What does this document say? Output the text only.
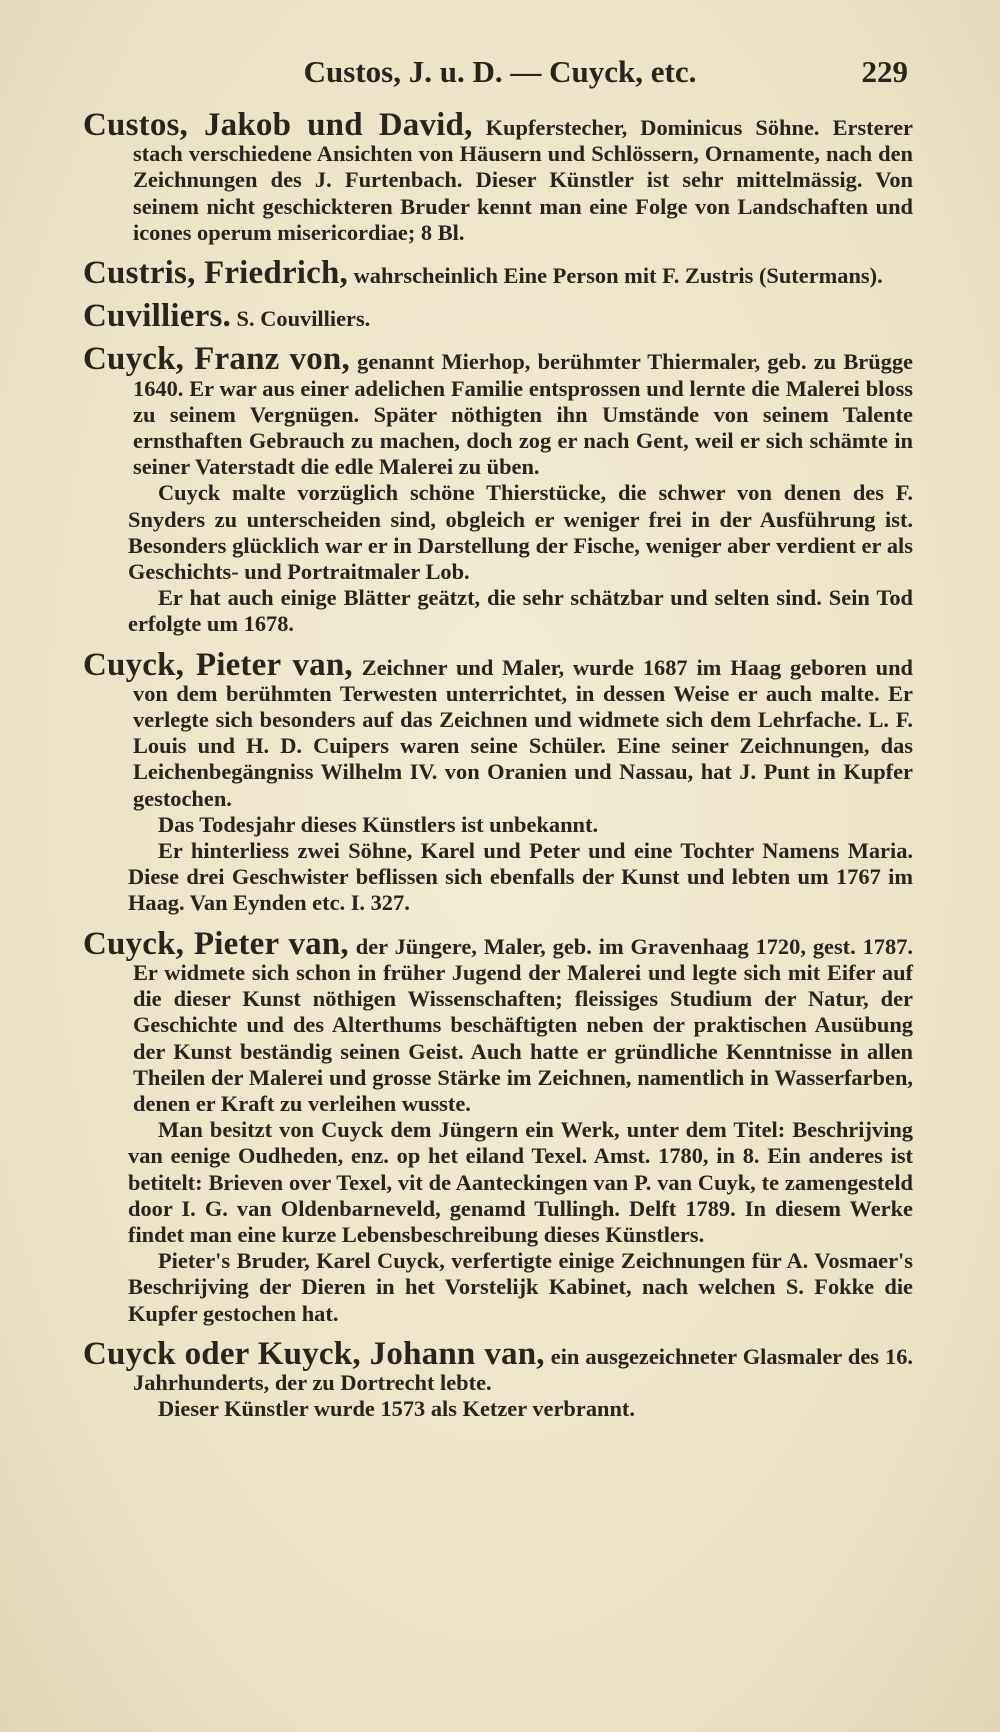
Custos, J. u. D. — Cuyck, etc.	229

Custos, Jakob und David, Kupferstecher, Dominicus Söhne. Ersterer stach verschiedene Ansichten von Häusern und Schlössern, Ornamente, nach den Zeichnungen des J. Furtenbach. Dieser Künstler ist sehr mittelmässig. Von seinem nicht geschickteren Bruder kennt man eine Folge von Landschaften und icones operum misericordiae; 8 Bl.

Custris, Friedrich, wahrscheinlich Eine Person mit F. Zustris (Sutermans).

Cuvilliers. S. Couvilliers.

Cuyck, Franz von, genannt Mierhop, berühmter Thiermaler, geb. zu Brügge 1640. Er war aus einer adelichen Familie entsprossen und lernte die Malerei bloss zu seinem Vergnügen. Später nöthigten ihn Umstände von seinem Talente ernsthaften Gebrauch zu machen, doch zog er nach Gent, weil er sich schämte in seiner Vaterstadt die edle Malerei zu üben.

Cuyck malte vorzüglich schöne Thierstücke, die schwer von denen des F. Snyders zu unterscheiden sind, obgleich er weniger frei in der Ausführung ist. Besonders glücklich war er in Darstellung der Fische, weniger aber verdient er als Geschichts- und Portraitmaler Lob.

Er hat auch einige Blätter geätzt, die sehr schätzbar und selten sind. Sein Tod erfolgte um 1678.

Cuyck, Pieter van, Zeichner und Maler, wurde 1687 im Haag geboren und von dem berühmten Terwesten unterrichtet, in dessen Weise er auch malte. Er verlegte sich besonders auf das Zeichnen und widmete sich dem Lehrfache. L. F. Louis und H. D. Cuipers waren seine Schüler. Eine seiner Zeichnungen, das Leichenbegängniss Wilhelm IV. von Oranien und Nassau, hat J. Punt in Kupfer gestochen.

Das Todesjahr dieses Künstlers ist unbekannt.

Er hinterliess zwei Söhne, Karel und Peter und eine Tochter Namens Maria. Diese drei Geschwister beflissen sich ebenfalls der Kunst und lebten um 1767 im Haag. Van Eynden etc. I. 327.

Cuyck, Pieter van, der Jüngere, Maler, geb. im Gravenhaag 1720, gest. 1787. Er widmete sich schon in früher Jugend der Malerei und legte sich mit Eifer auf die dieser Kunst nöthigen Wissenschaften; fleissiges Studium der Natur, der Geschichte und des Alterthums beschäftigten neben der praktischen Ausübung der Kunst beständig seinen Geist. Auch hatte er gründliche Kenntnisse in allen Theilen der Malerei und grosse Stärke im Zeichnen, namentlich in Wasserfarben, denen er Kraft zu verleihen wusste.

Man besitzt von Cuyck dem Jüngern ein Werk, unter dem Titel: Beschrijving van eenige Oudheden, enz. op het eiland Texel. Amst. 1780, in 8. Ein anderes ist betitelt: Brieven over Texel, vit de Aanteckingen van P. van Cuyk, te zamengesteld door I. G. van Oldenbarneveld, genamd Tullingh. Delft 1789. In diesem Werke findet man eine kurze Lebensbeschreibung dieses Künstlers.

Pieter's Bruder, Karel Cuyck, verfertigte einige Zeichnungen für A. Vosmaer's Beschrijving der Dieren in het Vorstelijk Kabinet, nach welchen S. Fokke die Kupfer gestochen hat.

Cuyck oder Kuyck, Johann van, ein ausgezeichneter Glasmaler des 16. Jahrhunderts, der zu Dortrecht lebte.

Dieser Künstler wurde 1573 als Ketzer verbrannt.
